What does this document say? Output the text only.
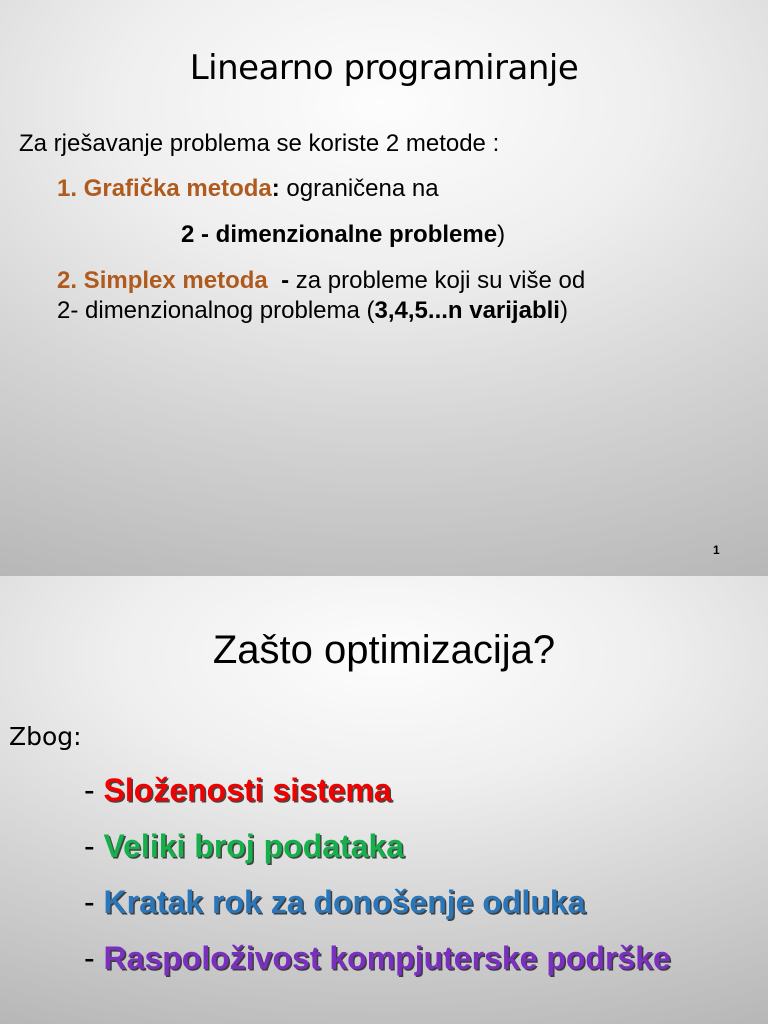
Linearno programiranje
Za rješavanje problema se koriste 2 metode :
1. Grafička metoda: ograničena na
2 - dimenzionalne probleme)
2. Simplex metoda  - za probleme koji su više od
2- dimenzionalnog problema (3,4,5...n varijabli)
1
Zašto optimizacija?
Zbog:
- Složenosti sistema
- Veliki broj podataka
- Kratak rok za donošenje odluka
- Raspoloživost kompjuterske podrške
